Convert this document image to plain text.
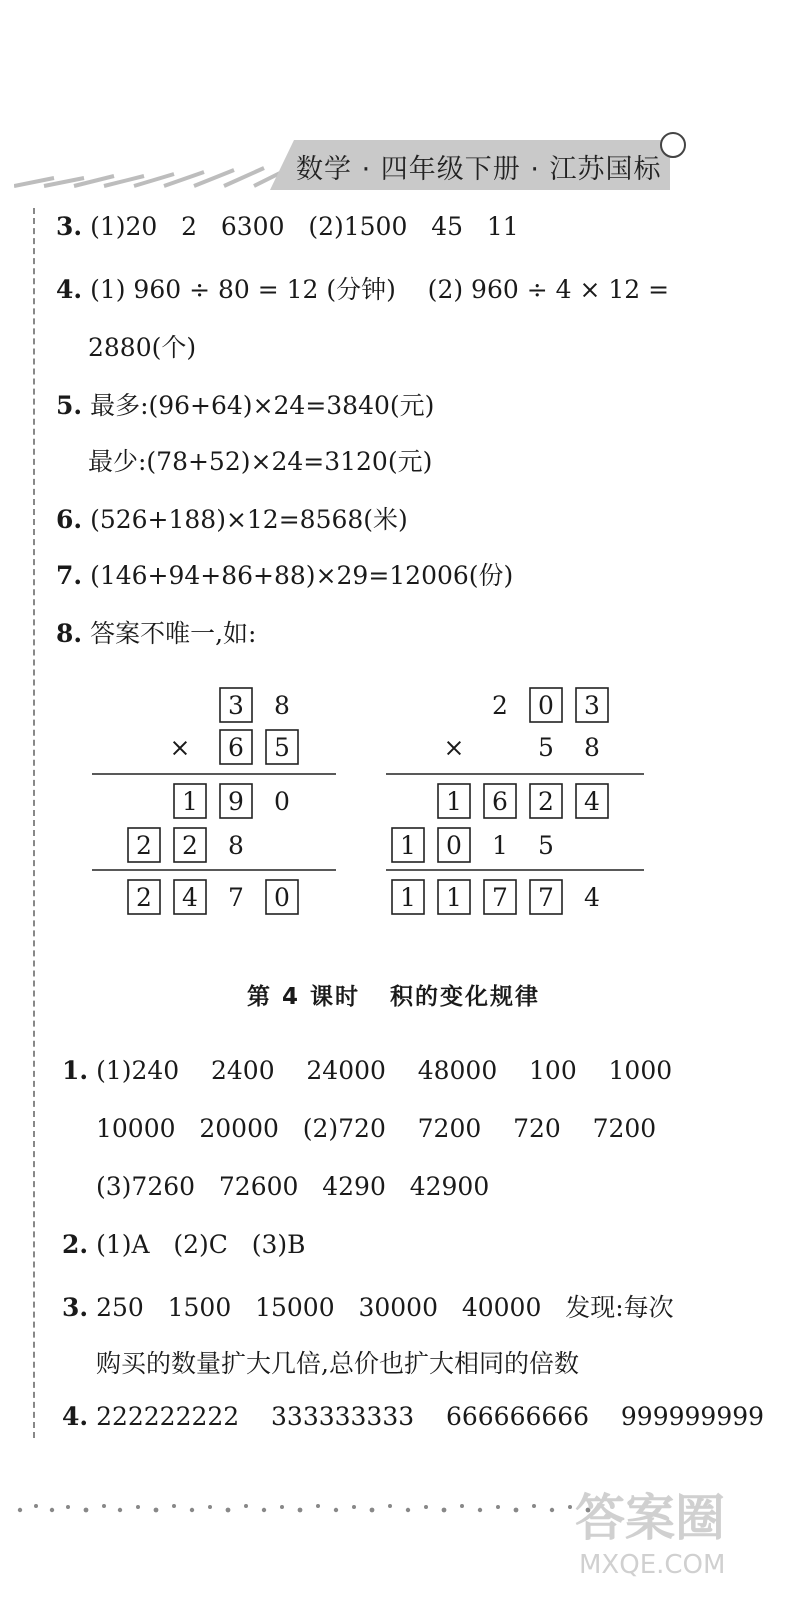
数学 · 四年级下册 · 江苏国标
3. (1)20   2   6300   (2)1500   45   11
4. (1) 960 ÷ 80 = 12 (分钟)    (2) 960 ÷ 4 × 12 =
2880(个)
5. 最多:(96+64)×24=3840(元)
最少:(78+52)×24=3120(元)
6. (526+188)×12=8568(米)
7. (146+94+86+88)×29=12006(份)
8. 答案不唯一,如:
3 8
× 6 5
1 9 0
2 2 8
2 4 7 0
2 0 3
×	5 8
1 6 2 4
1 0 1 5
1 1 7 7 4
第 4 课时   积的变化规律
1. (1)240    2400    24000    48000    100    1000
10000   20000   (2)720    7200    720    7200
(3)7260   72600   4290   42900
2. (1)A   (2)C   (3)B
3. 250   1500   15000   30000   40000   发现:每次
购买的数量扩大几倍,总价也扩大相同的倍数
4. 222222222    333333333    666666666    999999999
答案圈
MXQE.COM
